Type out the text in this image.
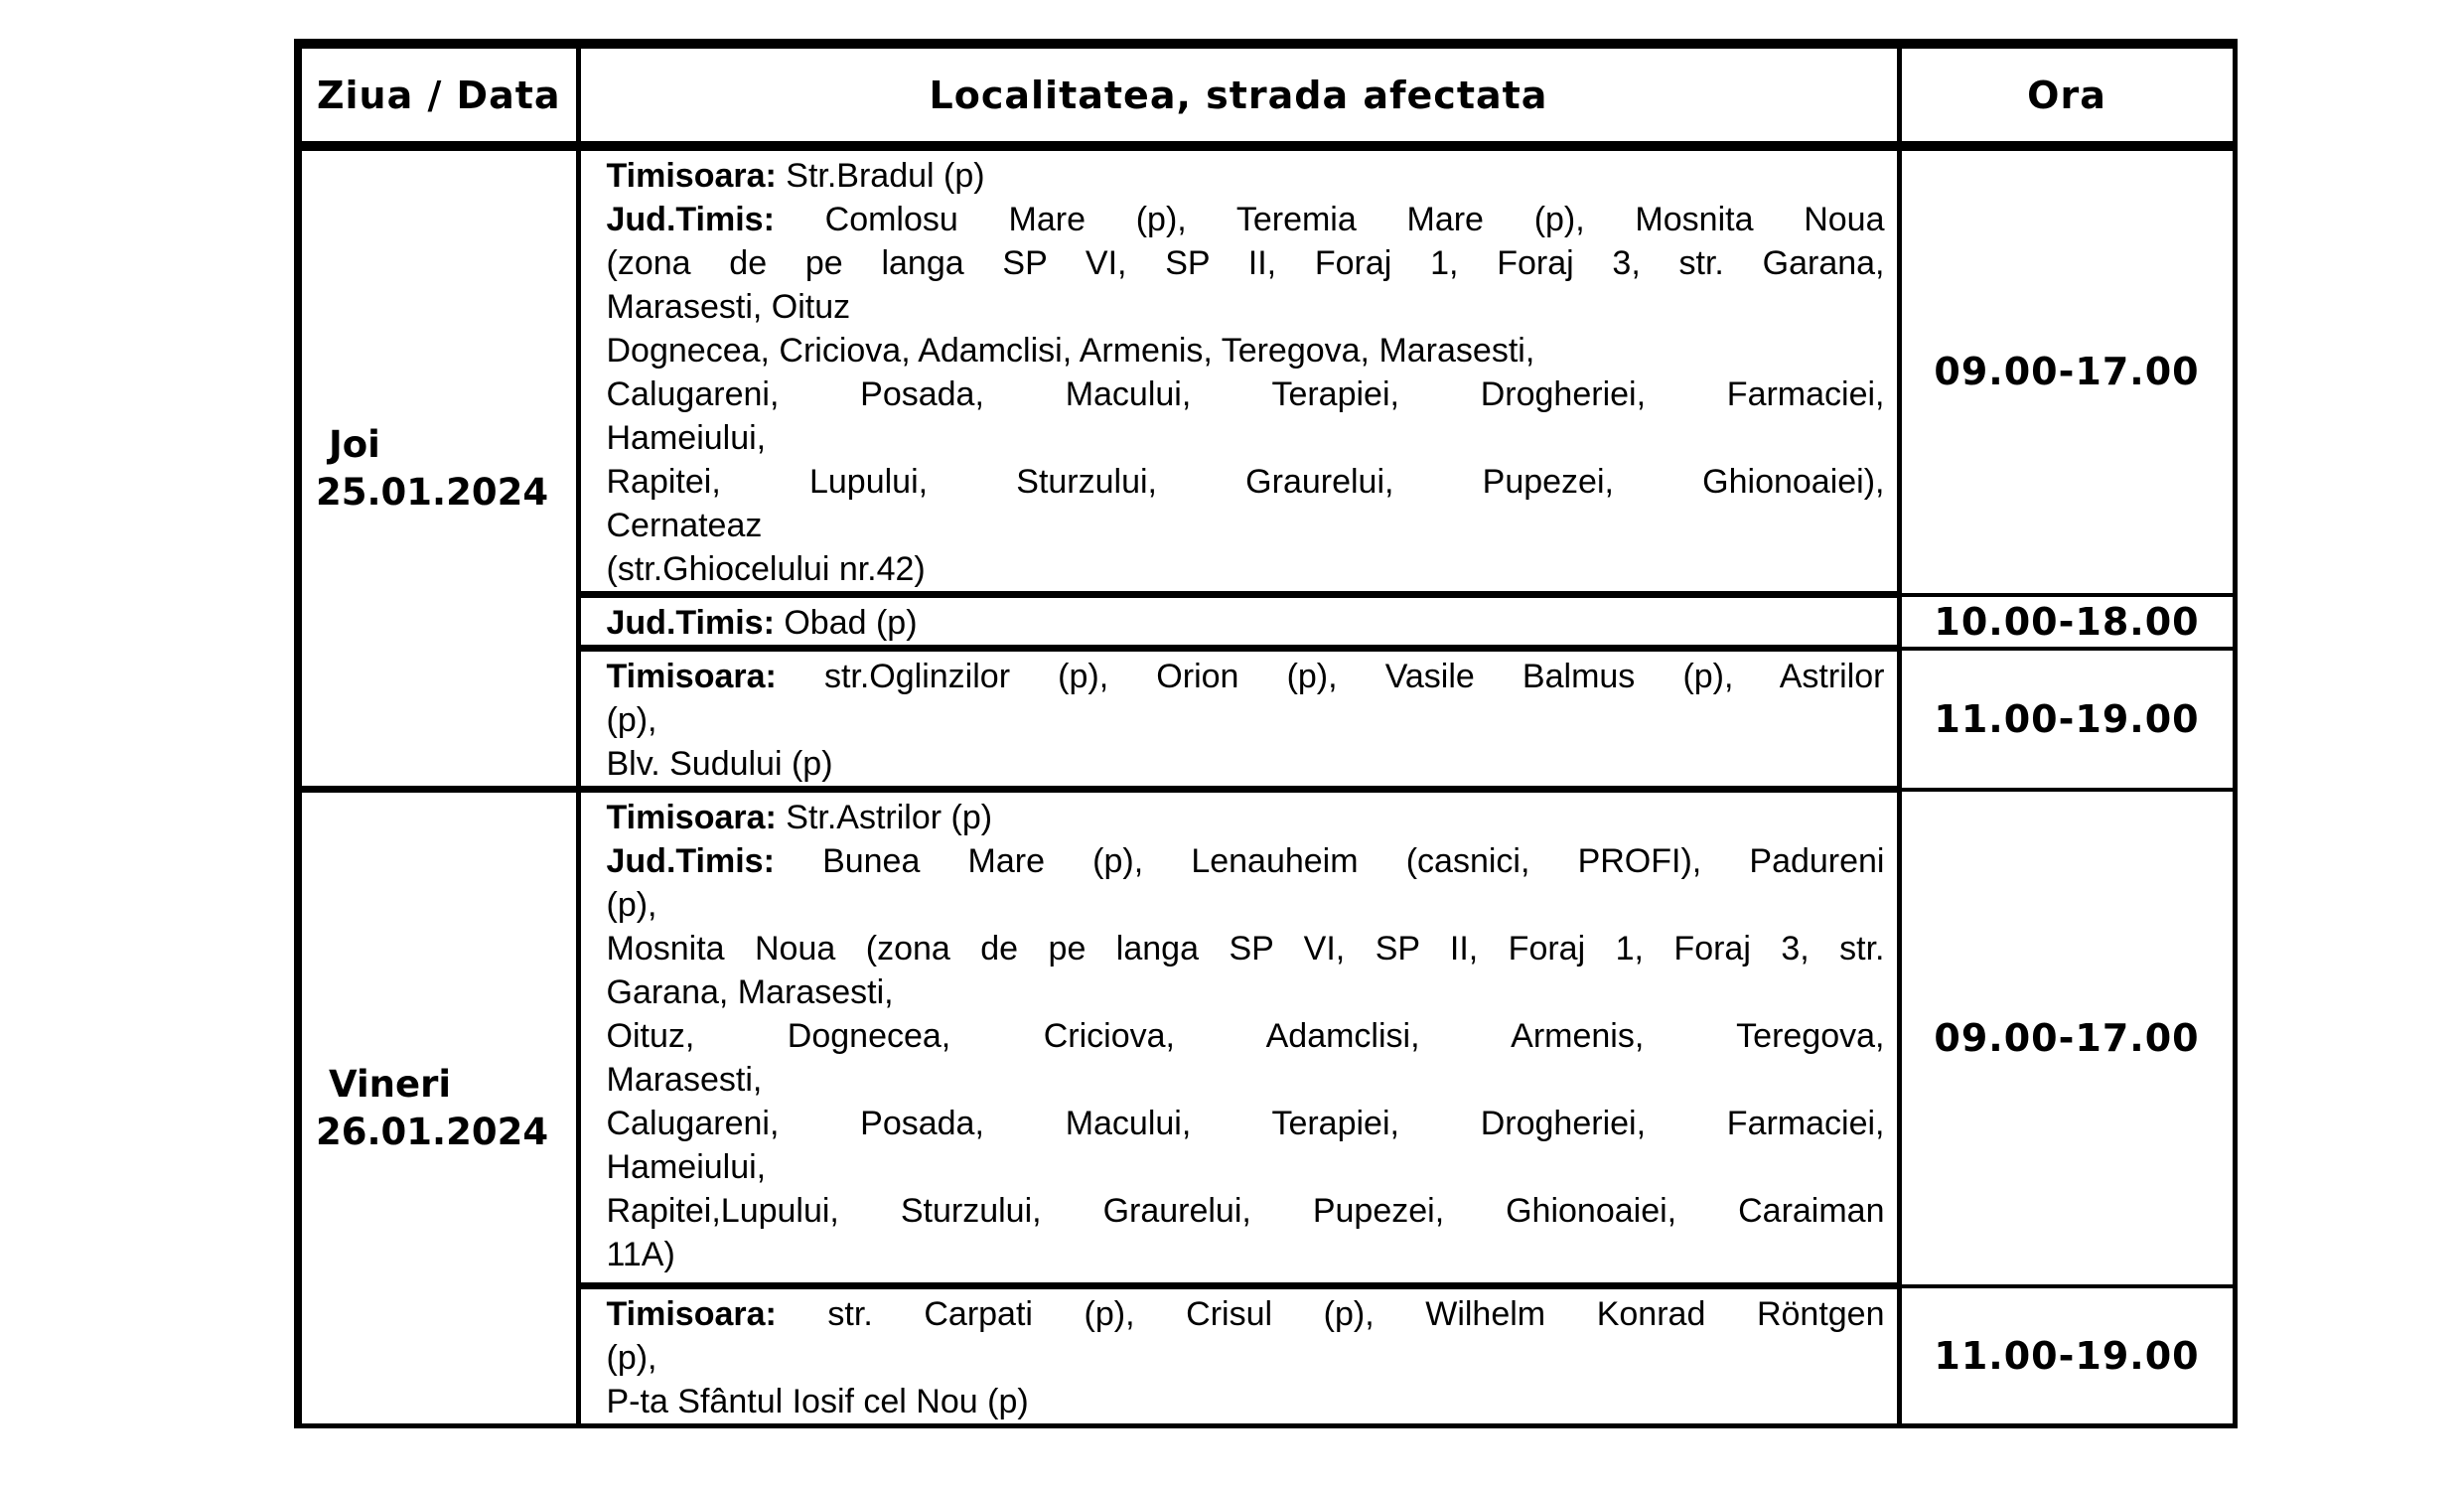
Ziua / Data	Localitatea, strada afectata	Ora

Joi
25.01.2024

Timisoara: Str.Bradul (p)
Jud.Timis: Comlosu Mare (p), Teremia Mare (p), Mosnita Noua
(zona de pe langa SP VI, SP II, Foraj 1, Foraj 3, str. Garana,
Marasesti, Oituz
Dognecea, Criciova, Adamclisi, Armenis, Teregova, Marasesti,
Calugareni, Posada, Macului, Terapiei, Drogheriei, Farmaciei,
Hameiului,
Rapitei, Lupului, Sturzului, Graurelui, Pupezei, Ghionoaiei),
Cernateaz
(str.Ghiocelului nr.42)
	09.00-17.00

	Jud.Timis: Obad (p)	10.00-18.00

	Timisoara: str.Oglinzilor (p), Orion (p), Vasile Balmus (p), Astrilor
(p),
Blv. Sudului (p)	11.00-19.00

Vineri
26.01.2024

Timisoara: Str.Astrilor (p)
Jud.Timis: Bunea Mare (p), Lenauheim (casnici, PROFI), Padureni
(p),
Mosnita Noua (zona de pe langa SP VI, SP II, Foraj 1, Foraj 3, str.
Garana, Marasesti,
Oituz, Dognecea, Criciova, Adamclisi, Armenis, Teregova,
Marasesti,
Calugareni, Posada, Macului, Terapiei, Drogheriei, Farmaciei,
Hameiului,
Rapitei,Lupului, Sturzului, Graurelui, Pupezei, Ghionoaiei, Caraiman
11A)
	09.00-17.00

	Timisoara: str. Carpati (p), Crisul (p), Wilhelm Konrad Röntgen
(p),
P-ta Sfântul Iosif cel Nou (p)	11.00-19.00
